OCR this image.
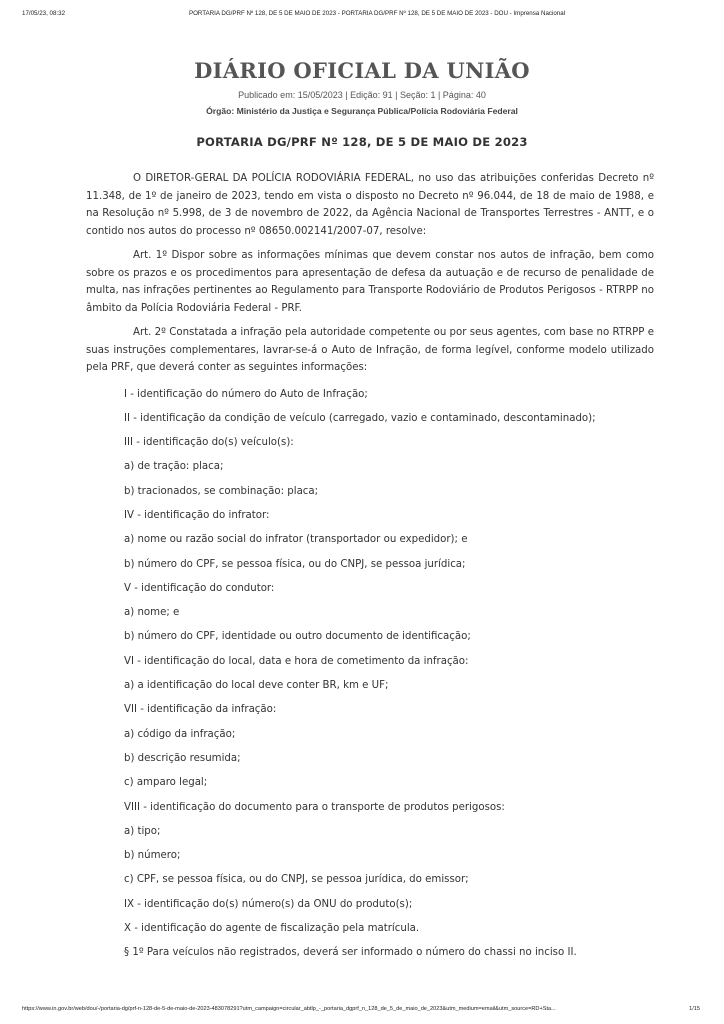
17/05/23, 08:32	PORTARIA DG/PRF Nº 128, DE 5 DE MAIO DE 2023 - PORTARIA DG/PRF Nº 128, DE 5 DE MAIO DE 2023 - DOU - Imprensa Nacional
DIÁRIO OFICIAL DA UNIÃO
Publicado em: 15/05/2023 | Edição: 91 | Seção: 1 | Página: 40
Órgão: Ministério da Justiça e Segurança Pública/Polícia Rodoviária Federal
PORTARIA DG/PRF Nº 128, DE 5 DE MAIO DE 2023

O DIRETOR-GERAL DA POLÍCIA RODOVIÁRIA FEDERAL, no uso das atribuições conferidas Decreto nº 11.348, de 1º de janeiro de 2023, tendo em vista o disposto no Decreto nº 96.044, de 18 de maio de 1988, e na Resolução nº 5.998, de 3 de novembro de 2022, da Agência Nacional de Transportes Terrestres - ANTT, e o contido nos autos do processo nº 08650.002141/2007-07, resolve:

Art. 1º Dispor sobre as informações mínimas que devem constar nos autos de infração, bem como sobre os prazos e os procedimentos para apresentação de defesa da autuação e de recurso de penalidade de multa, nas infrações pertinentes ao Regulamento para Transporte Rodoviário de Produtos Perigosos - RTRPP no âmbito da Polícia Rodoviária Federal - PRF.

Art. 2º Constatada a infração pela autoridade competente ou por seus agentes, com base no RTRPP e suas instruções complementares, lavrar-se-á o Auto de Infração, de forma legível, conforme modelo utilizado pela PRF, que deverá conter as seguintes informações:

I - identificação do número do Auto de Infração;
II - identificação da condição de veículo (carregado, vazio e contaminado, descontaminado);
III - identificação do(s) veículo(s):
a) de tração: placa;
b) tracionados, se combinação: placa;
IV - identificação do infrator:
a) nome ou razão social do infrator (transportador ou expedidor); e
b) número do CPF, se pessoa física, ou do CNPJ, se pessoa jurídica;
V - identificação do condutor:
a) nome; e
b) número do CPF, identidade ou outro documento de identificação;
VI - identificação do local, data e hora de cometimento da infração:
a) a identificação do local deve conter BR, km e UF;
VII - identificação da infração:
a) código da infração;
b) descrição resumida;
c) amparo legal;
VIII - identificação do documento para o transporte de produtos perigosos:
a) tipo;
b) número;
c) CPF, se pessoa física, ou do CNPJ, se pessoa jurídica, do emissor;
IX - identificação do(s) número(s) da ONU do produto(s);
X - identificação do agente de fiscalização pela matrícula.
§ 1º Para veículos não registrados, deverá ser informado o número do chassi no inciso II.
https://www.in.gov.br/web/dou/-/portaria-dg/prf-n-128-de-5-de-maio-de-2023-483078291?utm_campaign=circular_abtlp_-_portaria_dgprf_n_128_de_5_de_maio_de_2023&utm_medium=email&utm_source=RD+Sta...	1/15
